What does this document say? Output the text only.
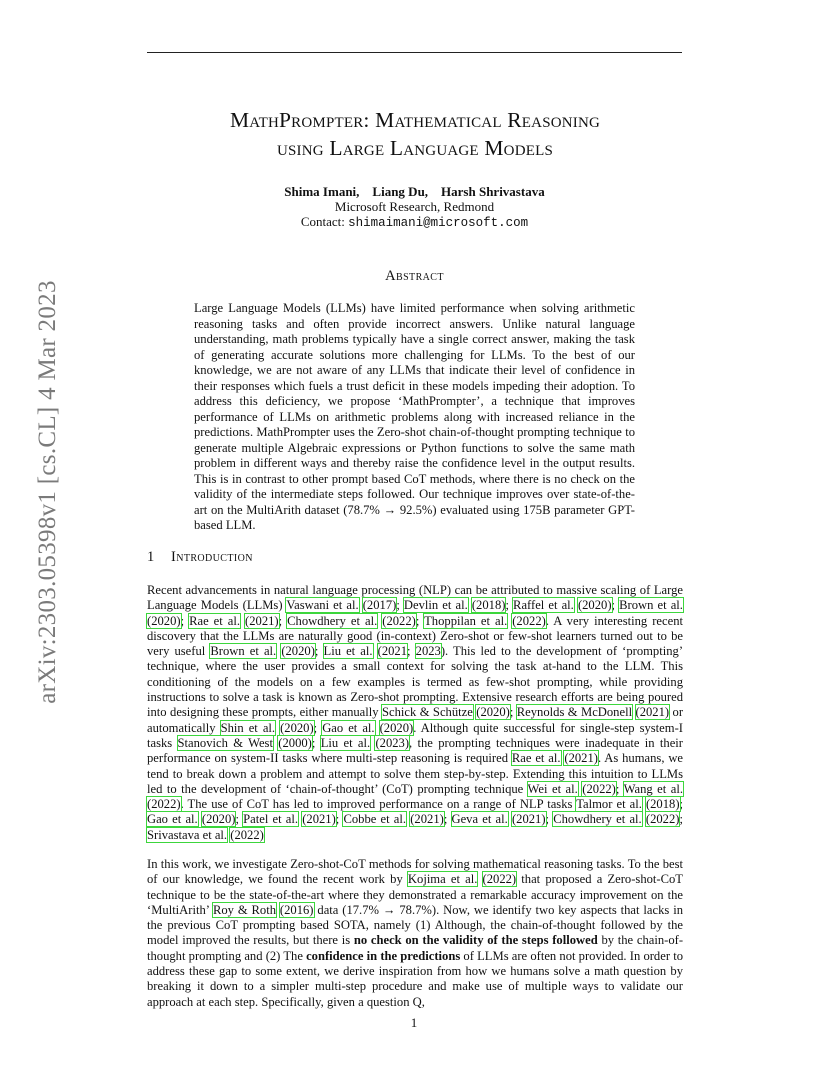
arXiv:2303.05398v1 [cs.CL] 4 Mar 2023
MathPrompter: Mathematical Reasoning
using Large Language Models
Shima Imani,    Liang Du,    Harsh Shrivastava
Microsoft Research, Redmond
Contact: shimaimani@microsoft.com
Abstract

Large Language Models (LLMs) have limited performance when solving arithmetic reasoning tasks and often provide incorrect answers. Unlike natural language understanding, math problems typically have a single correct answer, making the task of generating accurate solutions more challenging for LLMs. To the best of our knowledge, we are not aware of any LLMs that indicate their level of confidence in their responses which fuels a trust deficit in these models impeding their adoption. To address this deficiency, we propose ‘MathPrompter’, a technique that improves performance of LLMs on arithmetic problems along with increased reliance in the predictions. MathPrompter uses the Zero-shot chain-of-thought prompting technique to generate multiple Algebraic expressions or Python functions to solve the same math problem in different ways and thereby raise the confidence level in the output results. This is in contrast to other prompt based CoT methods, where there is no check on the validity of the intermediate steps followed. Our technique improves over state-of-the-art on the MultiArith dataset (78.7% → 92.5%) evaluated using 175B parameter GPT-based LLM.

1 Introduction

Recent advancements in natural language processing (NLP) can be attributed to massive scaling of Large Language Models (LLMs) Vaswani et al. (2017); Devlin et al. (2018); Raffel et al. (2020); Brown et al. (2020); Rae et al. (2021); Chowdhery et al. (2022); Thoppilan et al. (2022). A very interesting recent discovery that the LLMs are naturally good (in-context) Zero-shot or few-shot learners turned out to be very useful Brown et al. (2020); Liu et al. (2021; 2023). This led to the development of ‘prompting’ technique, where the user provides a small context for solving the task at-hand to the LLM. This conditioning of the models on a few examples is termed as few-shot prompting, while providing instructions to solve a task is known as Zero-shot prompting. Extensive research efforts are being poured into designing these prompts, either manually Schick & Schütze (2020); Reynolds & McDonell (2021) or automatically Shin et al. (2020); Gao et al. (2020). Although quite successful for single-step system-I tasks Stanovich & West (2000); Liu et al. (2023), the prompting techniques were inadequate in their performance on system-II tasks where multi-step reasoning is required Rae et al. (2021). As humans, we tend to break down a problem and attempt to solve them step-by-step. Extending this intuition to LLMs led to the development of ‘chain-of-thought’ (CoT) prompting technique Wei et al. (2022); Wang et al. (2022). The use of CoT has led to improved performance on a range of NLP tasks Talmor et al. (2018); Gao et al. (2020); Patel et al. (2021); Cobbe et al. (2021); Geva et al. (2021); Chowdhery et al. (2022); Srivastava et al. (2022)

In this work, we investigate Zero-shot-CoT methods for solving mathematical reasoning tasks. To the best of our knowledge, we found the recent work by Kojima et al. (2022) that proposed a Zero-shot-CoT technique to be the state-of-the-art where they demonstrated a remarkable accuracy improvement on the ‘MultiArith’ Roy & Roth (2016) data (17.7% → 78.7%). Now, we identify two key aspects that lacks in the previous CoT prompting based SOTA, namely (1) Although, the chain-of-thought followed by the model improved the results, but there is no check on the validity of the steps followed by the chain-of-thought prompting and (2) The confidence in the predictions of LLMs are often not provided. In order to address these gap to some extent, we derive inspiration from how we humans solve a math question by breaking it down to a simpler multi-step procedure and make use of multiple ways to validate our approach at each step. Specifically, given a question Q,

1
